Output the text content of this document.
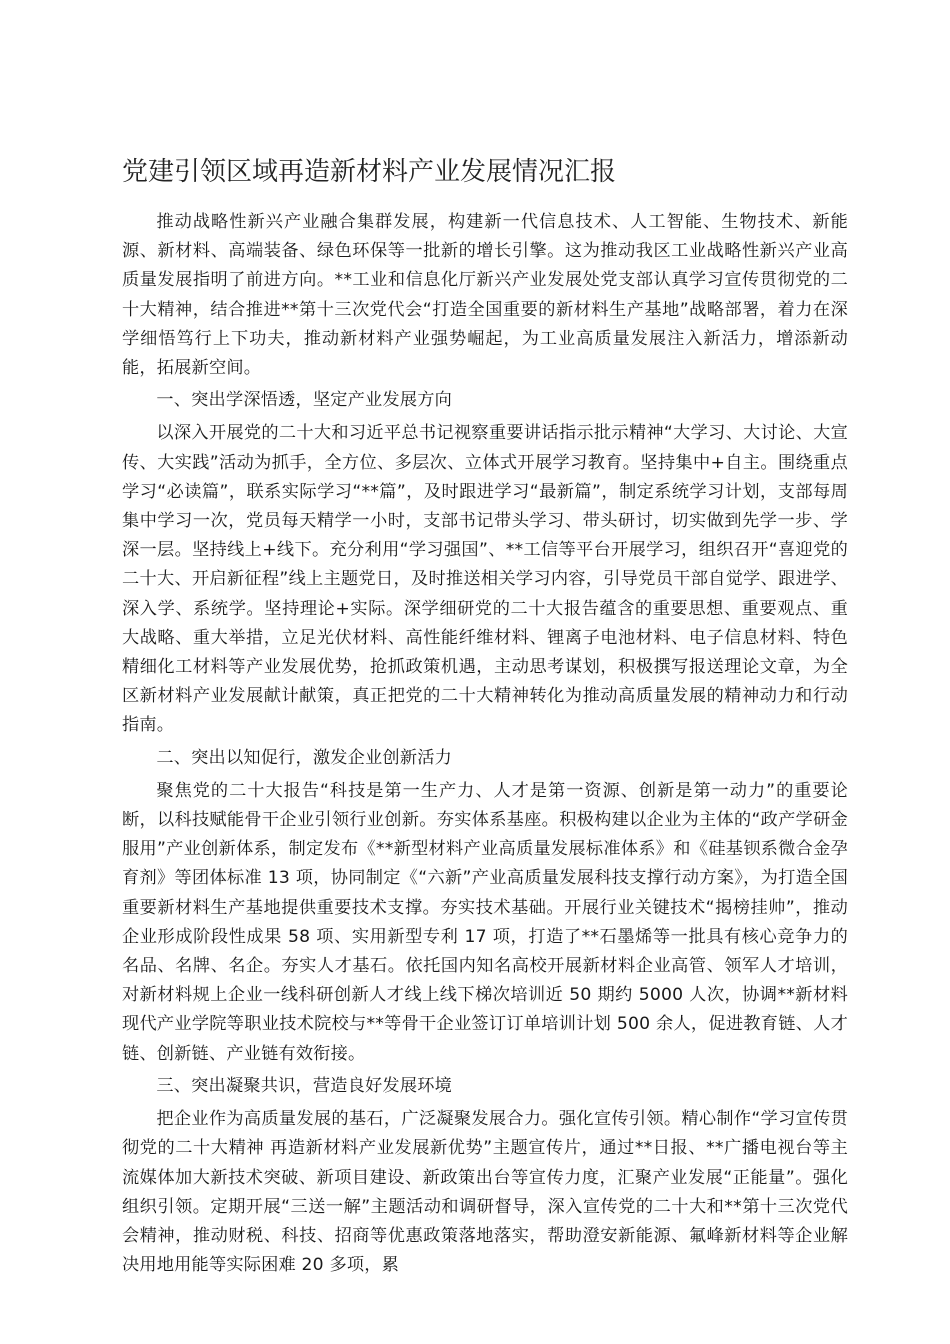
党建引领区域再造新材料产业发展情况汇报

推动战略性新兴产业融合集群发展，构建新一代信息技术、人工智能、生物技术、新能源、新材料、高端装备、绿色环保等一批新的增长引擎。这为推动我区工业战略性新兴产业高质量发展指明了前进方向。**工业和信息化厅新兴产业发展处党支部认真学习宣传贯彻党的二十大精神，结合推进**第十三次党代会“打造全国重要的新材料生产基地”战略部署，着力在深学细悟笃行上下功夫，推动新材料产业强势崛起，为工业高质量发展注入新活力，增添新动能，拓展新空间。

一、突出学深悟透，坚定产业发展方向

以深入开展党的二十大和习近平总书记视察重要讲话指示批示精神“大学习、大讨论、大宣传、大实践”活动为抓手，全方位、多层次、立体式开展学习教育。坚持集中+自主。围绕重点学习“必读篇”，联系实际学习“**篇”，及时跟进学习“最新篇”，制定系统学习计划，支部每周集中学习一次，党员每天精学一小时，支部书记带头学习、带头研讨，切实做到先学一步、学深一层。坚持线上+线下。充分利用“学习强国”、**工信等平台开展学习，组织召开“喜迎党的二十大、开启新征程”线上主题党日，及时推送相关学习内容，引导党员干部自觉学、跟进学、深入学、系统学。坚持理论+实际。深学细研党的二十大报告蕴含的重要思想、重要观点、重大战略、重大举措，立足光伏材料、高性能纤维材料、锂离子电池材料、电子信息材料、特色精细化工材料等产业发展优势，抢抓政策机遇，主动思考谋划，积极撰写报送理论文章，为全区新材料产业发展献计献策，真正把党的二十大精神转化为推动高质量发展的精神动力和行动指南。

二、突出以知促行，激发企业创新活力

聚焦党的二十大报告“科技是第一生产力、人才是第一资源、创新是第一动力”的重要论断，以科技赋能骨干企业引领行业创新。夯实体系基座。积极构建以企业为主体的“政产学研金服用”产业创新体系，制定发布《**新型材料产业高质量发展标准体系》和《硅基钡系微合金孕育剂》等团体标准 13 项，协同制定《“六新”产业高质量发展科技支撑行动方案》，为打造全国重要新材料生产基地提供重要技术支撑。夯实技术基础。开展行业关键技术“揭榜挂帅”，推动企业形成阶段性成果 58 项、实用新型专利 17 项，打造了**石墨烯等一批具有核心竞争力的名品、名牌、名企。夯实人才基石。依托国内知名高校开展新材料企业高管、领军人才培训，对新材料规上企业一线科研创新人才线上线下梯次培训近 50 期约 5000 人次，协调**新材料现代产业学院等职业技术院校与**等骨干企业签订订单培训计划 500 余人，促进教育链、人才链、创新链、产业链有效衔接。

三、突出凝聚共识，营造良好发展环境

把企业作为高质量发展的基石，广泛凝聚发展合力。强化宣传引领。精心制作“学习宣传贯彻党的二十大精神 再造新材料产业发展新优势”主题宣传片，通过**日报、**广播电视台等主流媒体加大新技术突破、新项目建设、新政策出台等宣传力度，汇聚产业发展“正能量”。强化组织引领。定期开展“三送一解”主题活动和调研督导，深入宣传党的二十大和**第十三次党代会精神，推动财税、科技、招商等优惠政策落地落实，帮助澄安新能源、氟峰新材料等企业解决用地用能等实际困难 20 多项，累
